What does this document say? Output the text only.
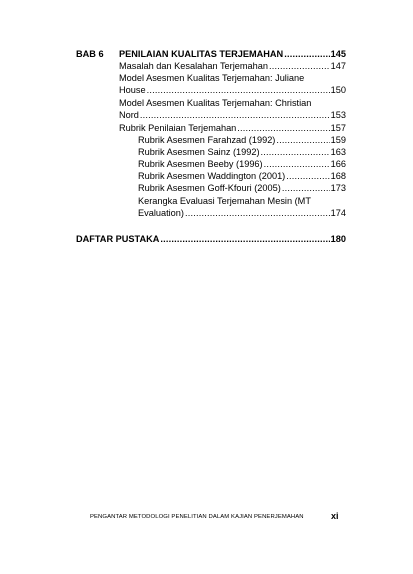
BAB 6 PENILAIAN KUALITAS TERJEMAHAN .....	145
Masalah dan Kesalahan Terjemahan .....	147
Model Asesmen Kualitas Terjemahan: Juliane
House .....	150
Model Asesmen Kualitas Terjemahan: Christian
Nord .....	153
Rubrik Penilaian Terjemahan .....	157
Rubrik Asesmen Farahzad (1992) .....	159
Rubrik Asesmen Sainz (1992) .....	163
Rubrik Asesmen Beeby (1996) .....	166
Rubrik Asesmen Waddington (2001) .....	168
Rubrik Asesmen Goff-Kfouri (2005) .....	173
Kerangka Evaluasi Terjemahan Mesin (MT
Evaluation) .....	174
DAFTAR PUSTAKA .....	180
PENGANTAR METODOLOGI PENELITIAN DALAM KAJIAN PENERJEMAHAN	xi
